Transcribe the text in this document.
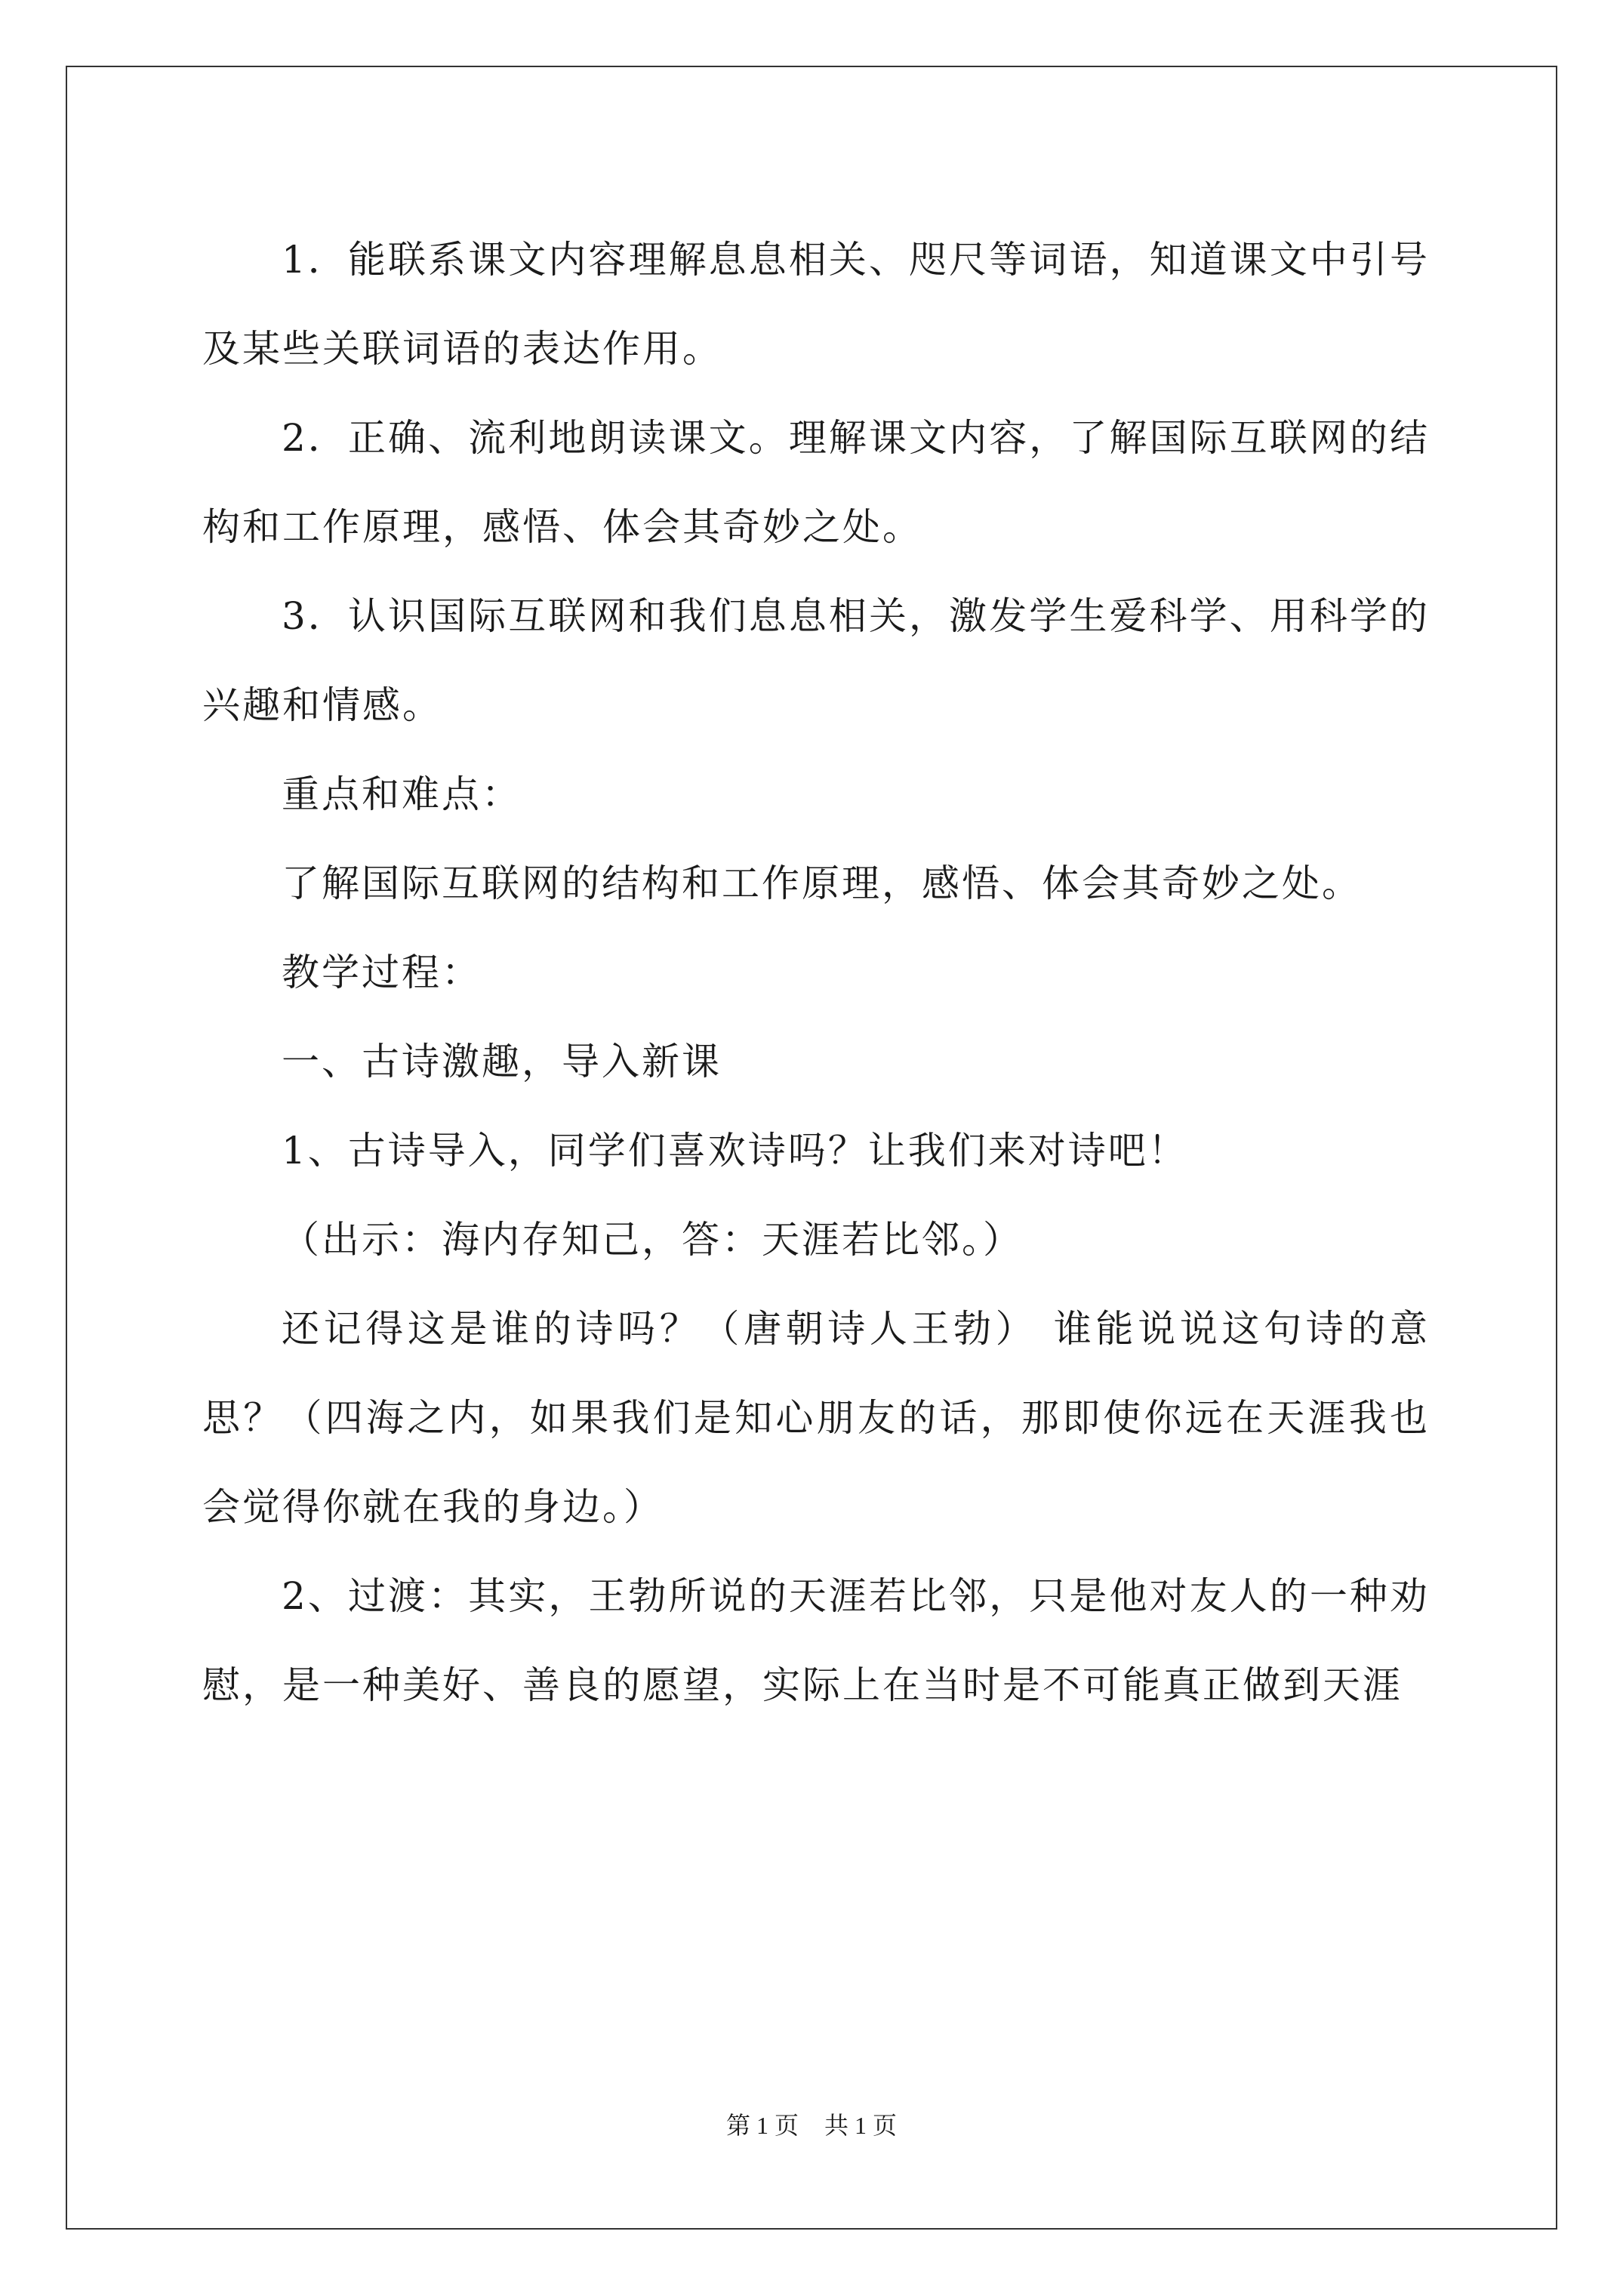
1．能联系课文内容理解息息相关、咫尺等词语，知道课文中引号及某些关联词语的表达作用。

2．正确、流利地朗读课文。理解课文内容，了解国际互联网的结构和工作原理，感悟、体会其奇妙之处。

3．认识国际互联网和我们息息相关，激发学生爱科学、用科学的兴趣和情感。

重点和难点：

了解国际互联网的结构和工作原理，感悟、体会其奇妙之处。

教学过程：

一、古诗激趣，导入新课

1、古诗导入，同学们喜欢诗吗？让我们来对诗吧！

（出示：海内存知己，答：天涯若比邻。）

还记得这是谁的诗吗？（唐朝诗人王勃） 谁能说说这句诗的意思？（四海之内，如果我们是知心朋友的话，那即使你远在天涯我也会觉得你就在我的身边。）

2、过渡：其实，王勃所说的天涯若比邻，只是他对友人的一种劝慰，是一种美好、善良的愿望，实际上在当时是不可能真正做到天涯

第 1 页 共 1 页
